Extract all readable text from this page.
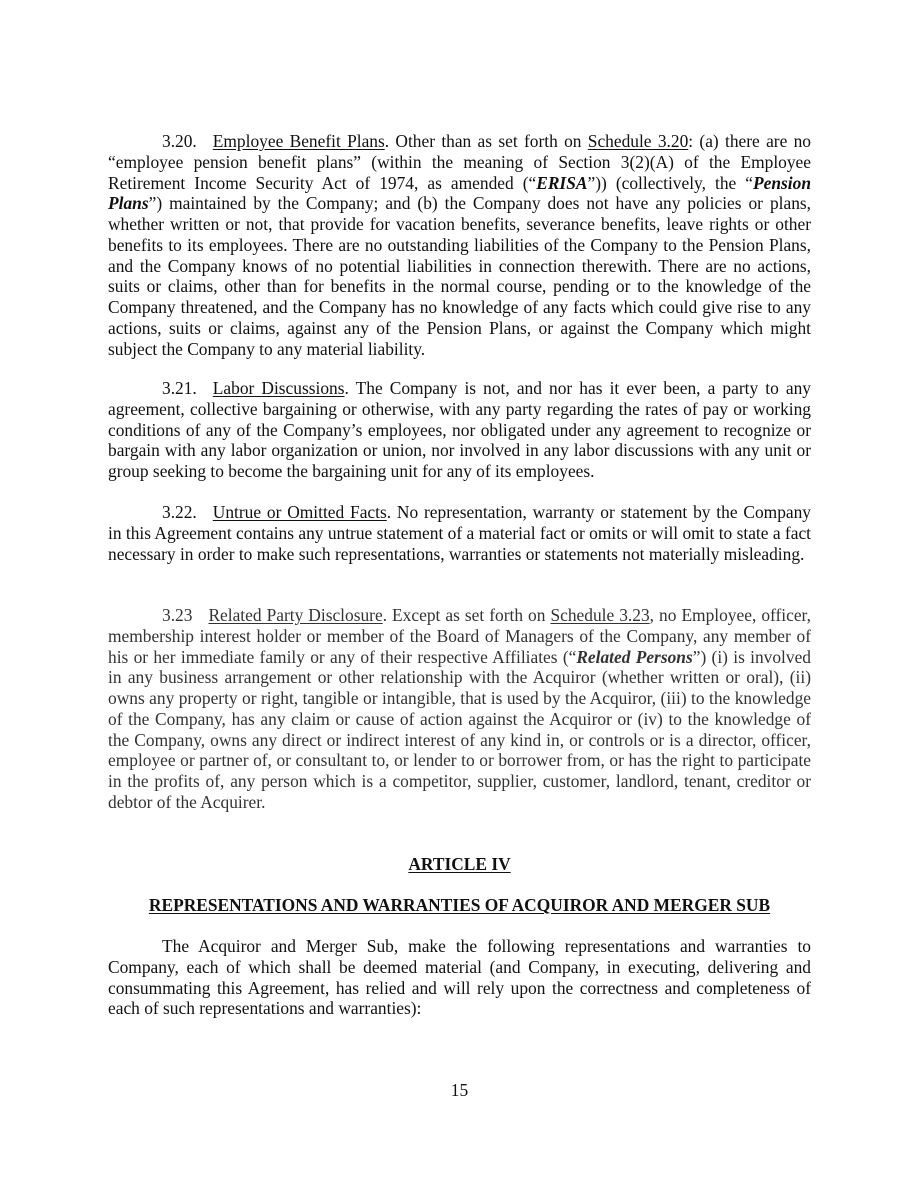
3.20. Employee Benefit Plans. Other than as set forth on Schedule 3.20: (a) there are no “employee pension benefit plans” (within the meaning of Section 3(2)(A) of the Employee Retirement Income Security Act of 1974, as amended (“ERISA”)) (collectively, the “Pension Plans”) maintained by the Company; and (b) the Company does not have any policies or plans, whether written or not, that provide for vacation benefits, severance benefits, leave rights or other benefits to its employees. There are no outstanding liabilities of the Company to the Pension Plans, and the Company knows of no potential liabilities in connection therewith. There are no actions, suits or claims, other than for benefits in the normal course, pending or to the knowledge of the Company threatened, and the Company has no knowledge of any facts which could give rise to any actions, suits or claims, against any of the Pension Plans, or against the Company which might subject the Company to any material liability.

3.21. Labor Discussions. The Company is not, and nor has it ever been, a party to any agreement, collective bargaining or otherwise, with any party regarding the rates of pay or working conditions of any of the Company’s employees, nor obligated under any agreement to recognize or bargain with any labor organization or union, nor involved in any labor discussions with any unit or group seeking to become the bargaining unit for any of its employees.

3.22. Untrue or Omitted Facts. No representation, warranty or statement by the Company in this Agreement contains any untrue statement of a material fact or omits or will omit to state a fact necessary in order to make such representations, warranties or statements not materially misleading.

3.23 Related Party Disclosure. Except as set forth on Schedule 3.23, no Employee, officer, membership interest holder or member of the Board of Managers of the Company, any member of his or her immediate family or any of their respective Affiliates (“Related Persons”) (i) is involved in any business arrangement or other relationship with the Acquiror (whether written or oral), (ii) owns any property or right, tangible or intangible, that is used by the Acquiror, (iii) to the knowledge of the Company, has any claim or cause of action against the Acquiror or (iv) to the knowledge of the Company, owns any direct or indirect interest of any kind in, or controls or is a director, officer, employee or partner of, or consultant to, or lender to or borrower from, or has the right to participate in the profits of, any person which is a competitor, supplier, customer, landlord, tenant, creditor or debtor of the Acquirer.

ARTICLE IV
REPRESENTATIONS AND WARRANTIES OF ACQUIROR AND MERGER SUB

The Acquiror and Merger Sub, make the following representations and warranties to Company, each of which shall be deemed material (and Company, in executing, delivering and consummating this Agreement, has relied and will rely upon the correctness and completeness of each of such representations and warranties):

15
